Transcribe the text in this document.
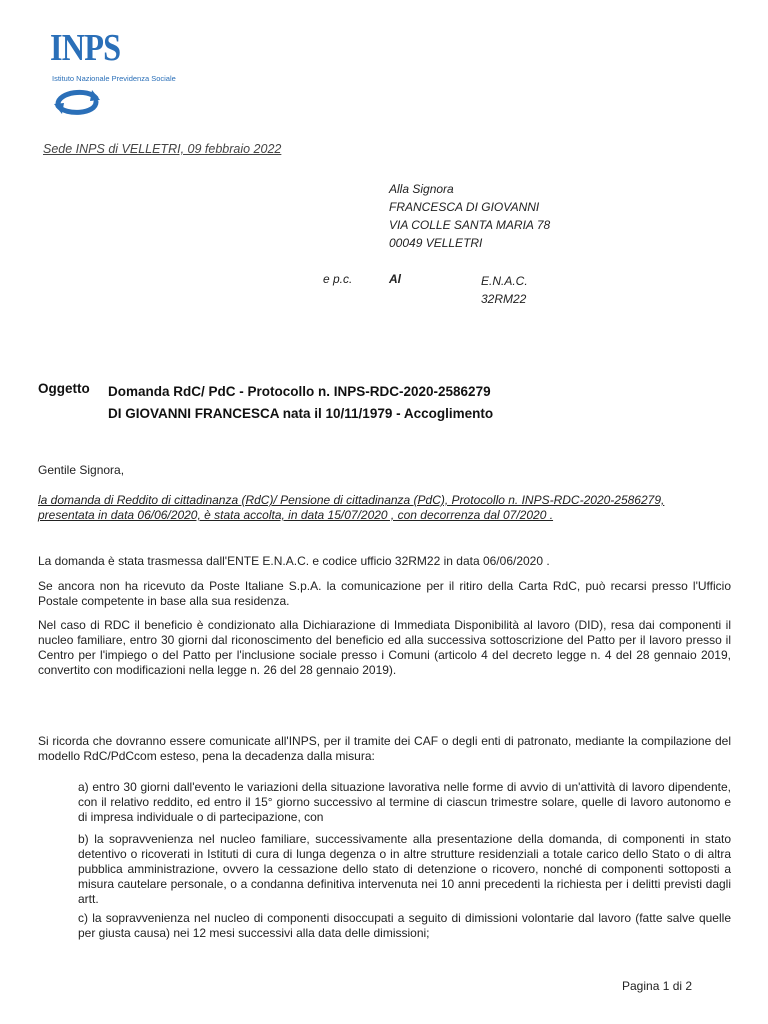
INPS
Istituto Nazionale Previdenza Sociale
Sede INPS di VELLETRI, 09 febbraio 2022
Alla Signora
FRANCESCA DI GIOVANNI
VIA COLLE SANTA MARIA 78
00049 VELLETRI
e p.c.	Al	E.N.A.C.
32RM22
Oggetto Domanda RdC/ PdC - Protocollo n. INPS-RDC-2020-2586279
DI GIOVANNI FRANCESCA nata il 10/11/1979 - Accoglimento
Gentile Signora,
la domanda di Reddito di cittadinanza (RdC)/ Pensione di cittadinanza (PdC), Protocollo n. INPS-RDC-2020-2586279,
presentata in data 06/06/2020, è stata accolta, in data 15/07/2020 , con decorrenza dal 07/2020 .
La domanda è stata trasmessa dall'ENTE E.N.A.C. e codice ufficio 32RM22 in data 06/06/2020 .
Se ancora non ha ricevuto da Poste Italiane S.p.A. la comunicazione per il ritiro della Carta RdC, può recarsi presso l'Ufficio Postale competente in base alla sua residenza.
Nel caso di RDC il beneficio è condizionato alla Dichiarazione di Immediata Disponibilità al lavoro (DID), resa dai componenti il nucleo familiare, entro 30 giorni dal riconoscimento del beneficio ed alla successiva sottoscrizione del Patto per il lavoro presso il Centro per l'impiego o del Patto per l'inclusione sociale presso i Comuni (articolo 4 del decreto legge n. 4 del 28 gennaio 2019, convertito con modificazioni nella legge n. 26 del 28 gennaio 2019).
Si ricorda che dovranno essere comunicate all'INPS, per il tramite dei CAF o degli enti di patronato, mediante la compilazione del modello RdC/PdCcom esteso, pena la decadenza dalla misura:
a) entro 30 giorni dall'evento le variazioni della situazione lavorativa nelle forme di avvio di un'attività di lavoro dipendente, con il relativo reddito, ed entro il 15° giorno successivo al termine di ciascun trimestre solare, quelle di lavoro autonomo e di impresa individuale o di partecipazione, con
b) la sopravvenienza nel nucleo familiare, successivamente alla presentazione della domanda, di componenti in stato detentivo o ricoverati in Istituti di cura di lunga degenza o in altre strutture residenziali a totale carico dello Stato o di altra pubblica amministrazione, ovvero la cessazione dello stato di detenzione o ricovero, nonché di componenti sottoposti a misura cautelare personale, o a condanna definitiva intervenuta nei 10 anni precedenti la richiesta per i delitti previsti dagli artt.
c) la sopravvenienza nel nucleo di componenti disoccupati a seguito di dimissioni volontarie dal lavoro (fatte salve quelle per giusta causa) nei 12 mesi successivi alla data delle dimissioni;
Pagina 1 di 2
